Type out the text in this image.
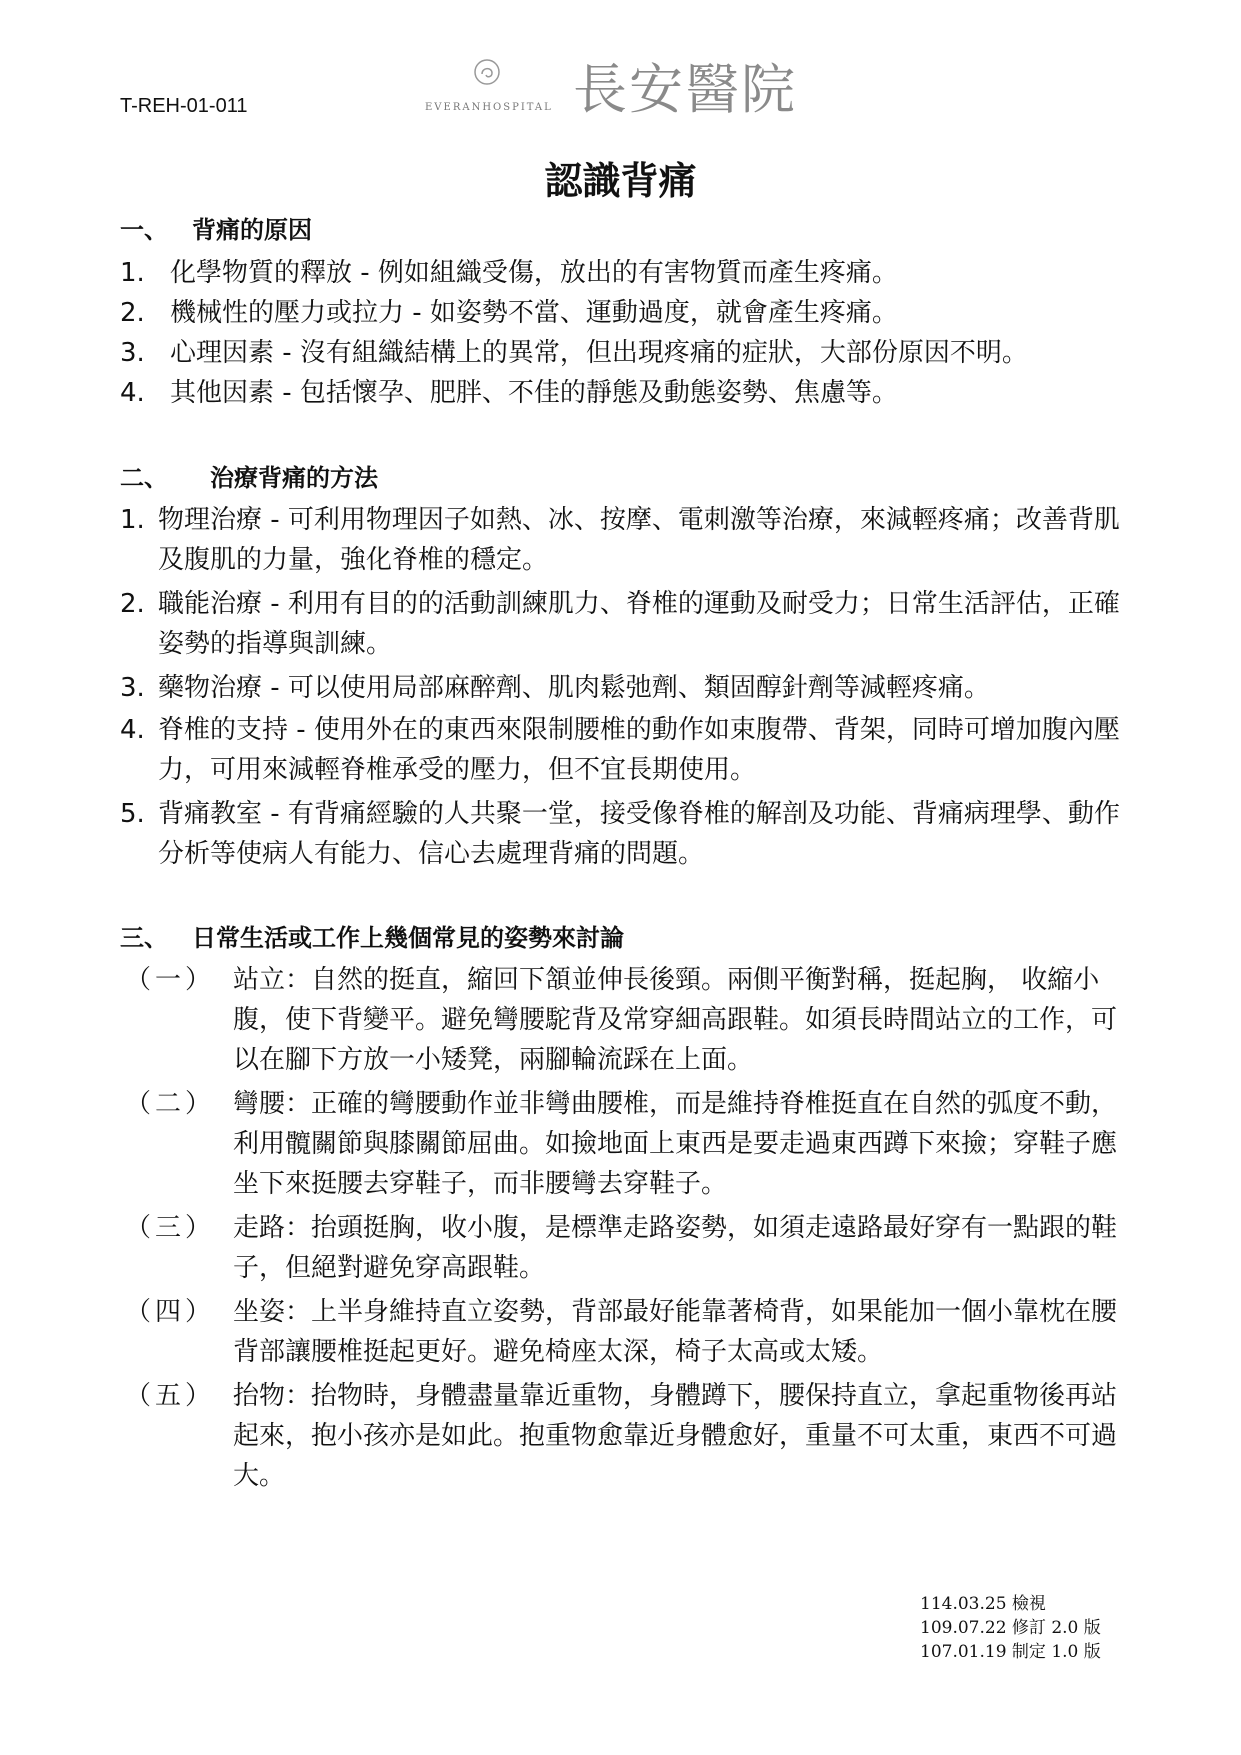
T-REH-01-011	EVERANHOSPITAL 長安醫院
認識背痛
一、 背痛的原因
1. 化學物質的釋放 - 例如組織受傷，放出的有害物質而產生疼痛。
2. 機械性的壓力或拉力 - 如姿勢不當、運動過度，就會產生疼痛。
3. 心理因素 - 沒有組織結構上的異常，但出現疼痛的症狀，大部份原因不明。
4. 其他因素 - 包括懷孕、肥胖、不佳的靜態及動態姿勢、焦慮等。
二、 治療背痛的方法
1. 物理治療 - 可利用物理因子如熱、冰、按摩、電刺激等治療，來減輕疼痛；改善背肌及腹肌的力量，強化脊椎的穩定。
2. 職能治療 - 利用有目的的活動訓練肌力、脊椎的運動及耐受力；日常生活評估，正確姿勢的指導與訓練。
3. 藥物治療 - 可以使用局部麻醉劑、肌肉鬆弛劑、類固醇針劑等減輕疼痛。
4. 脊椎的支持 - 使用外在的東西來限制腰椎的動作如束腹帶、背架，同時可增加腹內壓力，可用來減輕脊椎承受的壓力，但不宜長期使用。
5. 背痛教室 - 有背痛經驗的人共聚一堂，接受像脊椎的解剖及功能、背痛病理學、動作分析等使病人有能力、信心去處理背痛的問題。
三、 日常生活或工作上幾個常見的姿勢來討論
（一） 站立：自然的挺直，縮回下頷並伸長後頸。兩側平衡對稱，挺起胸， 收縮小腹，使下背變平。避免彎腰駝背及常穿細高跟鞋。如須長時間站立的工作，可以在腳下方放一小矮凳，兩腳輪流踩在上面。
（二） 彎腰：正確的彎腰動作並非彎曲腰椎，而是維持脊椎挺直在自然的弧度不動，利用髖關節與膝關節屈曲。如撿地面上東西是要走過東西蹲下來撿；穿鞋子應坐下來挺腰去穿鞋子，而非腰彎去穿鞋子。
（三） 走路：抬頭挺胸，收小腹，是標準走路姿勢，如須走遠路最好穿有一點跟的鞋子，但絕對避免穿高跟鞋。
（四） 坐姿：上半身維持直立姿勢，背部最好能靠著椅背，如果能加一個小靠枕在腰背部讓腰椎挺起更好。避免椅座太深，椅子太高或太矮。
（五） 抬物：抬物時，身體盡量靠近重物，身體蹲下，腰保持直立，拿起重物後再站起來，抱小孩亦是如此。抱重物愈靠近身體愈好，重量不可太重，東西不可過大。
114.03.25 檢視
109.07.22 修訂 2.0 版
107.01.19 制定 1.0 版
